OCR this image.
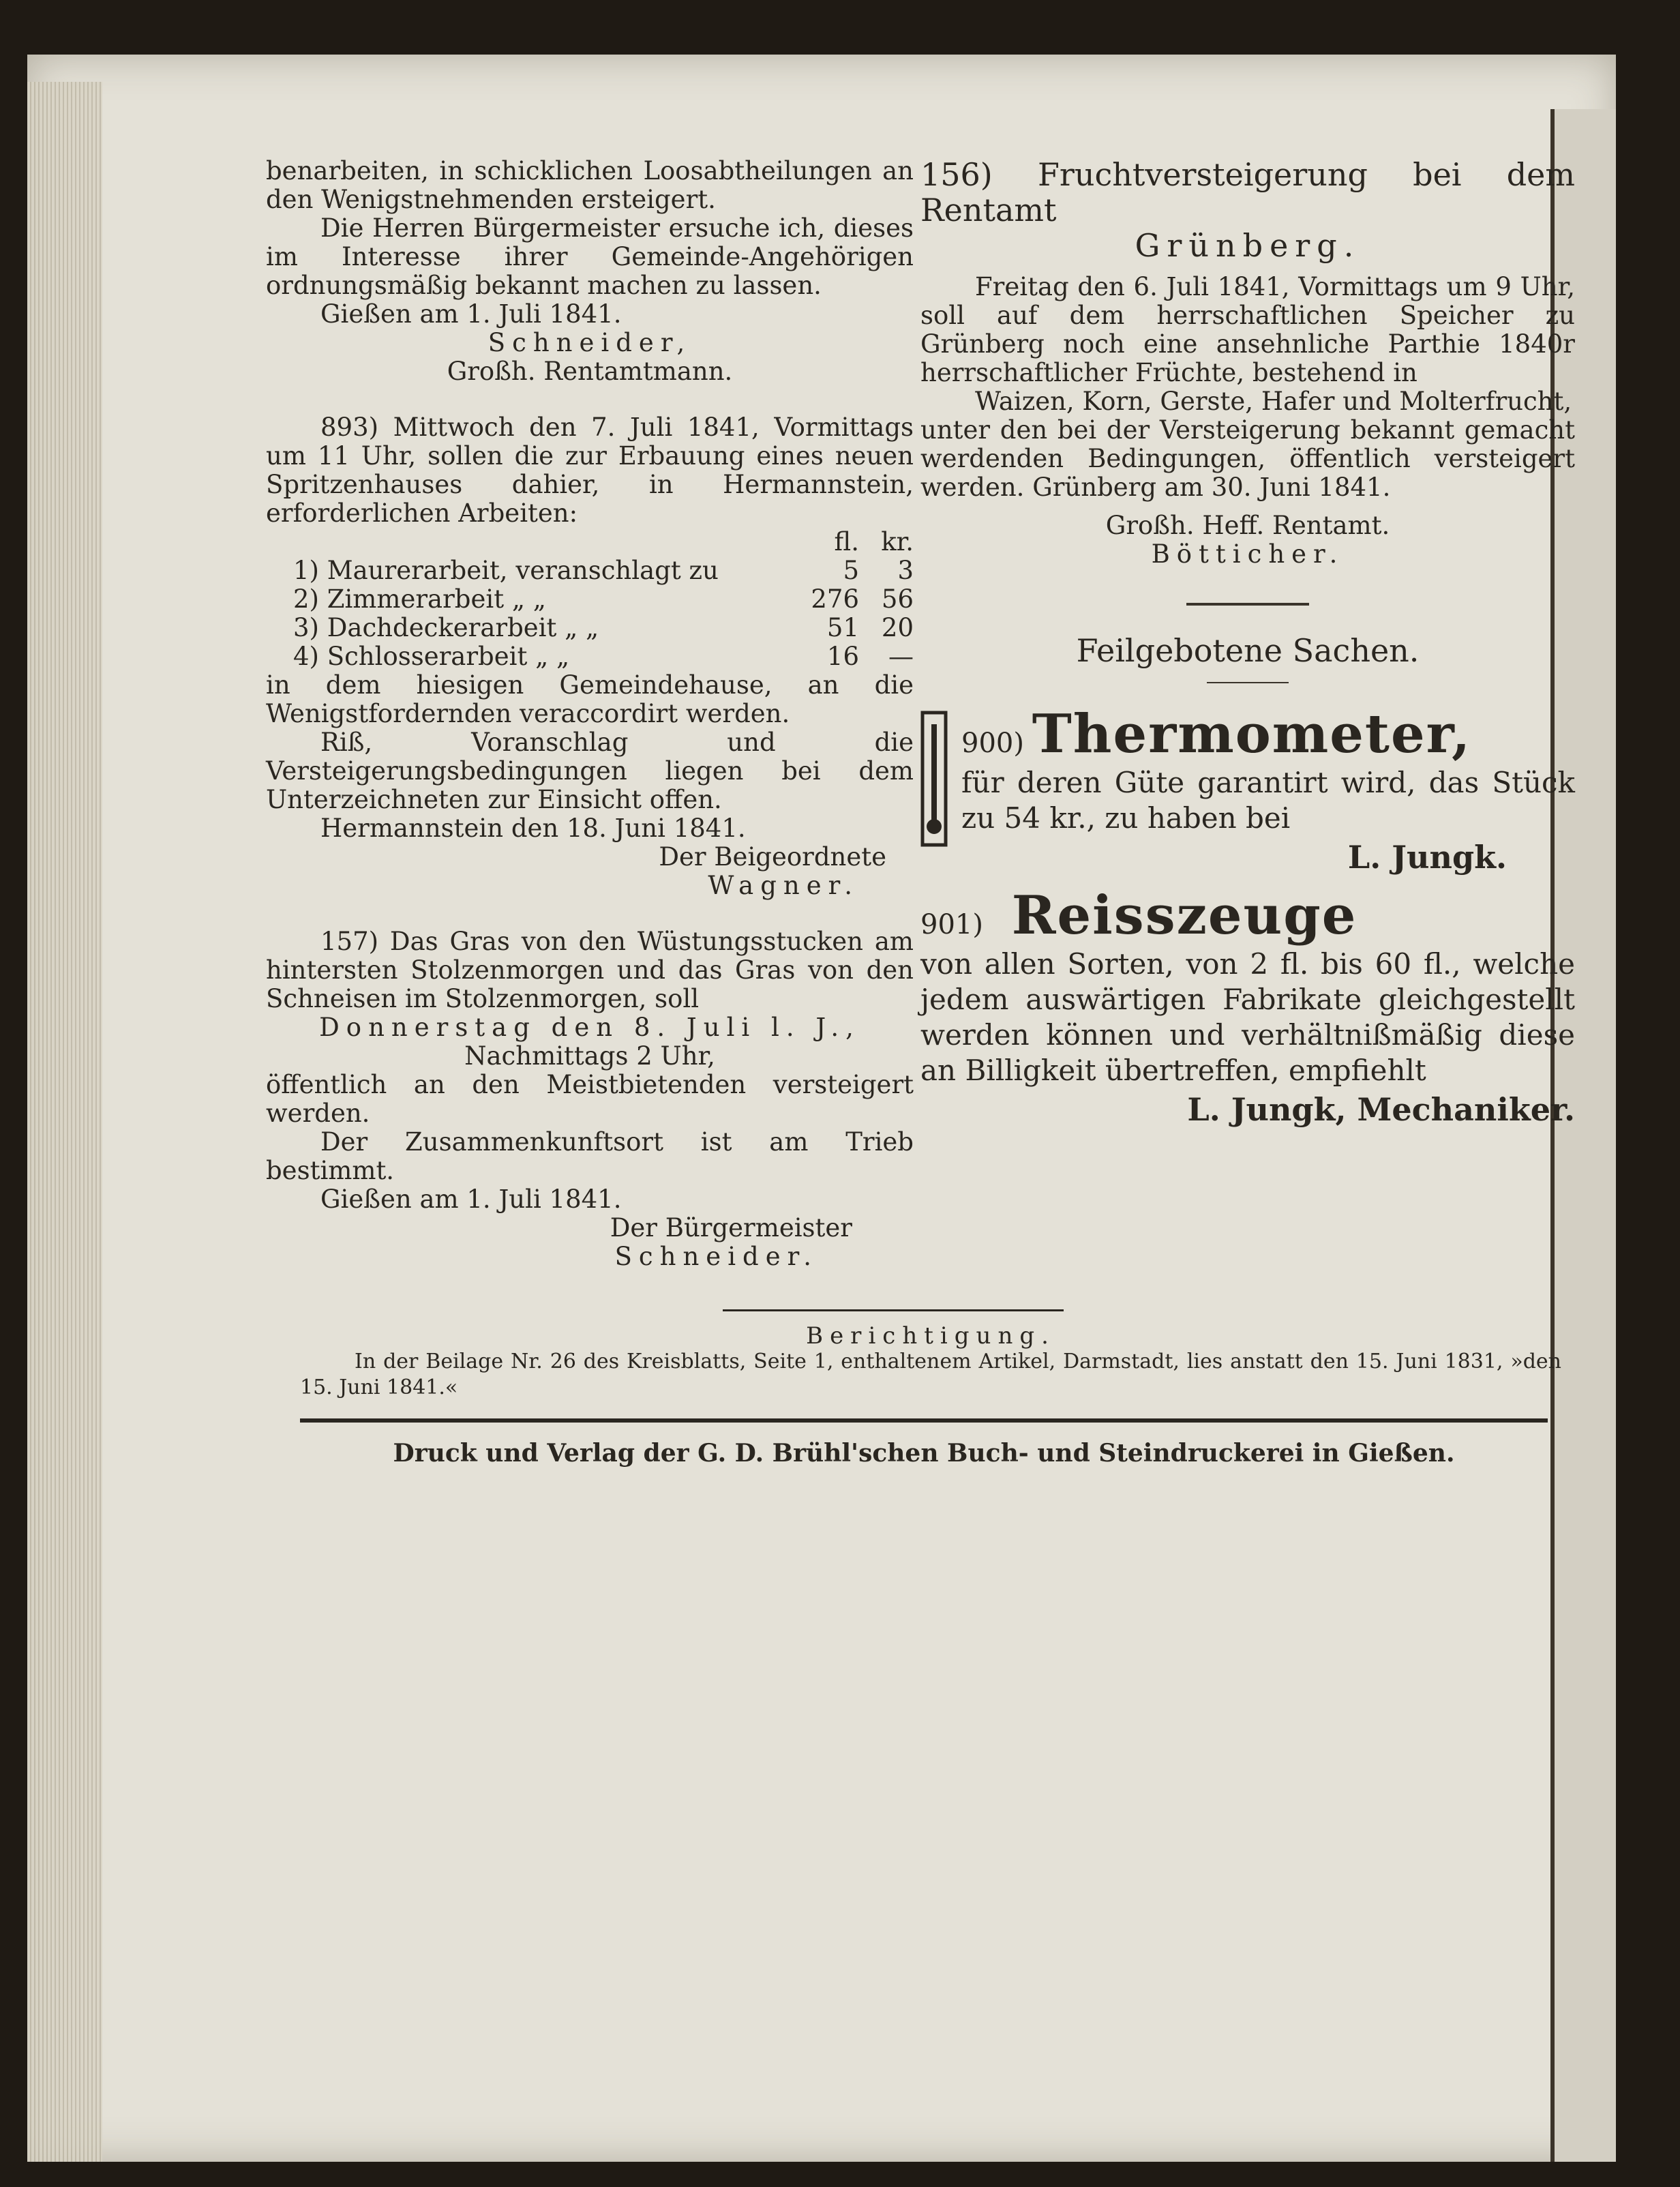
benarbeiten, in schicklichen Loosabtheilungen an den Wenigstnehmenden ersteigert.

Die Herren Bürgermeister ersuche ich, dieses im Interesse ihrer Gemeinde-Angehörigen ordnungsmäßig bekannt machen zu lassen.

Gießen am 1. Juli 1841.

Schneider,

Großh. Rentamtmann.

893) Mittwoch den 7. Juli 1841, Vormittags um 11 Uhr, sollen die zur Erbauung eines neuen Spritzenhauses dahier, in Hermannstein, erforderlichen Arbeiten:

	fl.	kr.
1) Maurerarbeit, veranschlagt zu	5	3
2) Zimmerarbeit „ „	276	56
3) Dachdeckerarbeit „ „	51	20
4) Schlosserarbeit „ „	16	—

in dem hiesigen Gemeindehause, an die Wenigstfordernden veraccordirt werden.

Riß, Voranschlag und die Versteigerungsbedingungen liegen bei dem Unterzeichneten zur Einsicht offen.

Hermannstein den 18. Juni 1841.

Der Beigeordnete

Wagner.

157) Das Gras von den Wüstungsstucken am hintersten Stolzenmorgen und das Gras von den Schneisen im Stolzenmorgen, soll

Donnerstag den 8. Juli l. J.,

Nachmittags 2 Uhr,

öffentlich an den Meistbietenden versteigert werden.

Der Zusammenkunftsort ist am Trieb bestimmt.

Gießen am 1. Juli 1841.

Der Bürgermeister

Schneider.

156) Fruchtversteigerung bei dem Rentamt

Grünberg.

Freitag den 6. Juli 1841, Vormittags um 9 Uhr, soll auf dem herrschaftlichen Speicher zu Grünberg noch eine ansehnliche Parthie 1840r herrschaftlicher Früchte, bestehend in

Waizen, Korn, Gerste, Hafer und Molterfrucht,

unter den bei der Versteigerung bekannt gemacht werdenden Bedingungen, öffentlich versteigert werden. Grünberg am 30. Juni 1841.

Großh. Heff. Rentamt.

Bötticher.

Feilgebotene Sachen.

900) Thermometer,

für deren Güte garantirt wird, das Stück zu 54 kr., zu haben bei

L. Jungk.

901) Reisszeuge

von allen Sorten, von 2 fl. bis 60 fl., welche jedem auswärtigen Fabrikate gleichgestellt werden können und verhältnißmäßig diese an Billigkeit übertreffen, empfiehlt

L. Jungk, Mechaniker.

Berichtigung.

In der Beilage Nr. 26 des Kreisblatts, Seite 1, enthaltenem Artikel, Darmstadt, lies anstatt den 15. Juni 1831, »den 15. Juni 1841.«

Druck und Verlag der G. D. Brühl'schen Buch- und Steindruckerei in Gießen.
